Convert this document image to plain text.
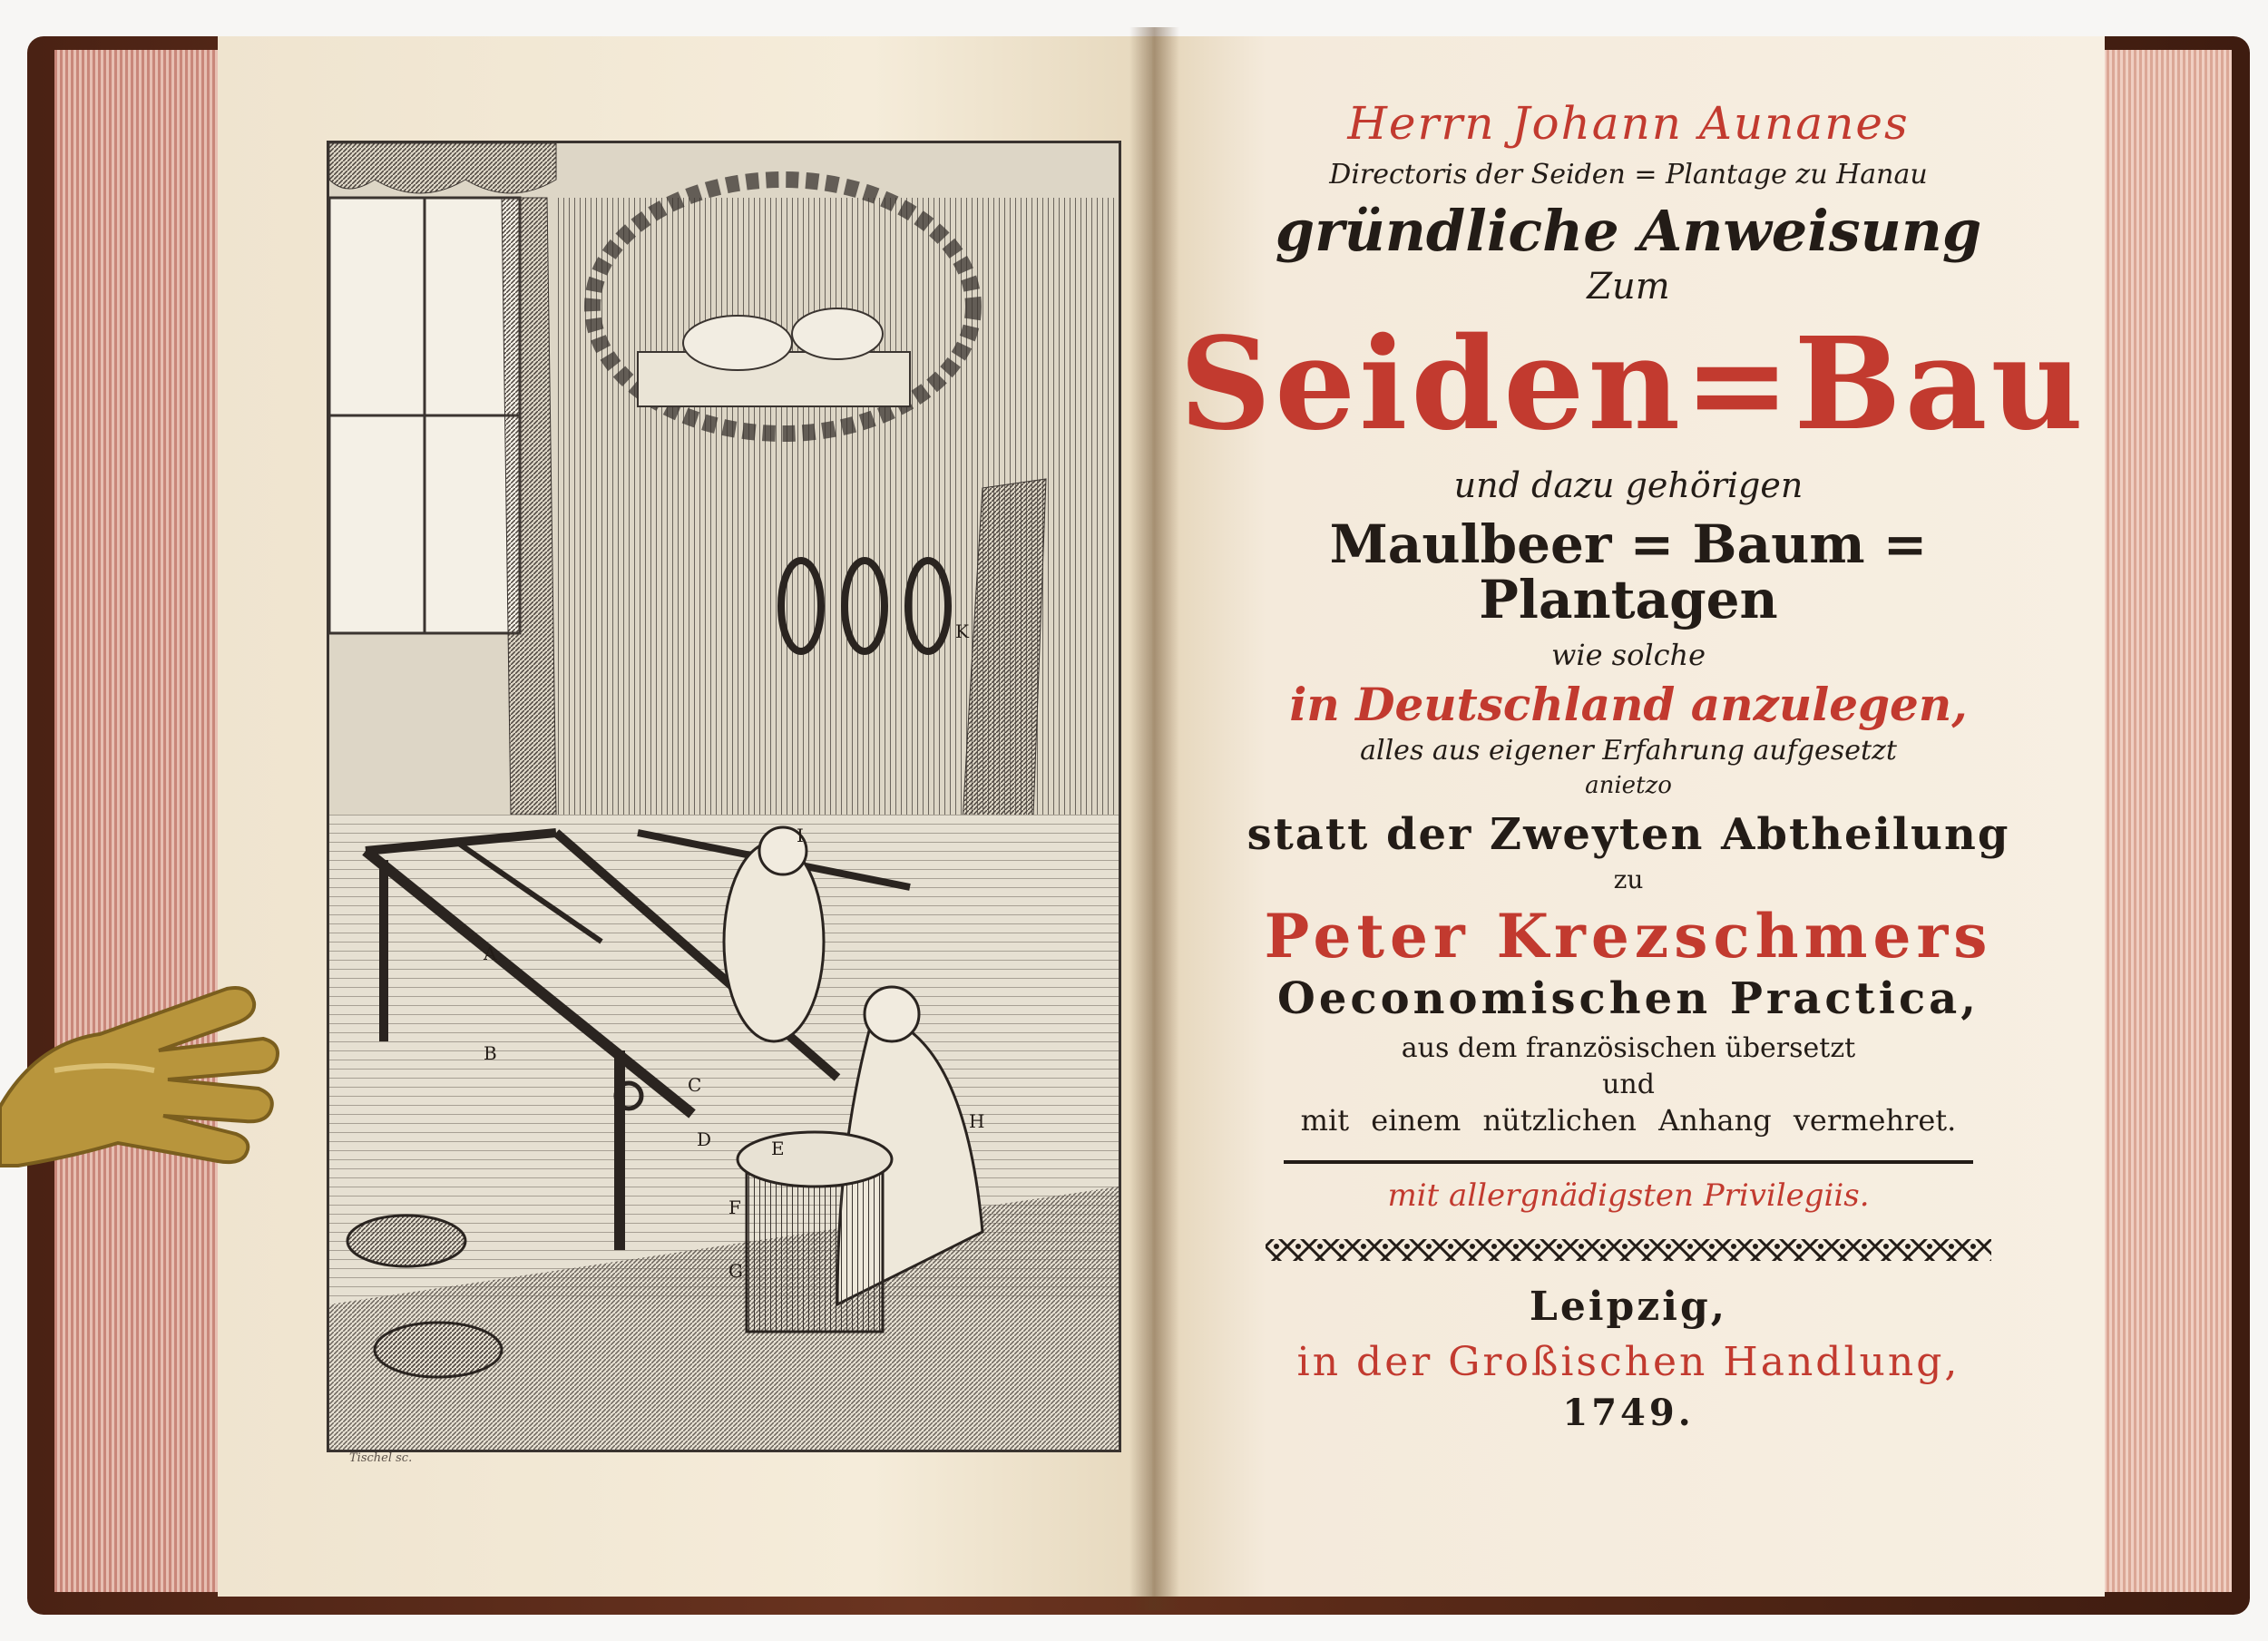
A
B
C
D	E
F
G
H
I
K
Tischel sc.
Herrn Johann Aunanes
Directoris der Seiden = Plantage zu Hanau
gründliche Anweisung
Zum
Seiden=Bau
und dazu gehörigen
Maulbeer = Baum = Plantagen
wie solche
in Deutschland anzulegen,
alles aus eigener Erfahrung aufgesetzt
anietzo
statt der Zweyten Abtheilung
zu
Peter Krezschmers
Oeconomischen Practica,
aus dem französischen übersetzt
und
mit einem nützlichen Anhang vermehret.
mit allergnädigsten Privilegiis.
Leipzig,
in der Großischen Handlung,
1749.
